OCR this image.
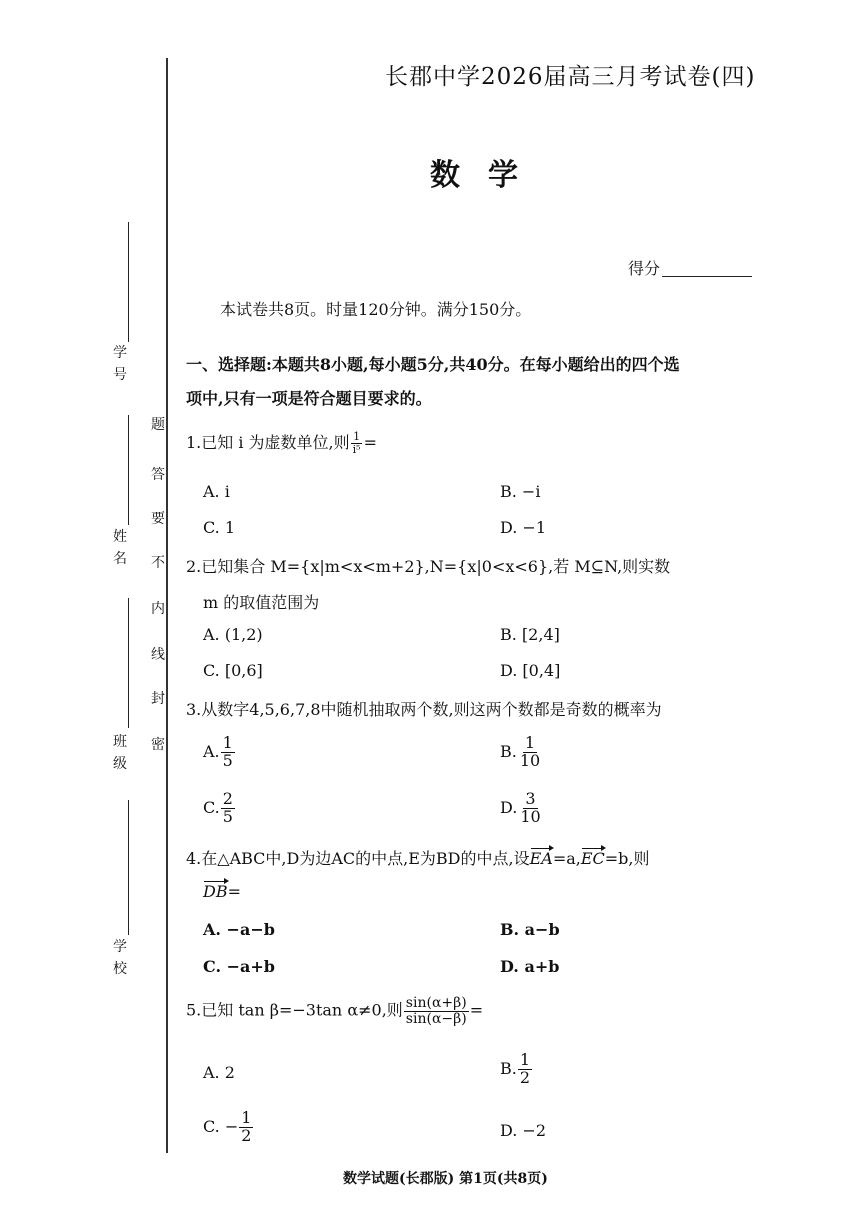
学
号
姓
名
班
级
学
校
题
答
要
不
内
线
封
密
长郡中学2026届高三月考试卷(四)
数学
得分
本试卷共8页。时量120分钟。满分150分。
一、选择题:本题共8小题,每小题5分,共40分。在每小题给出的四个选
项中,只有一项是符合题目要求的。
1.已知 i 为虚数单位,则 $\frac{1}{\text{i⁵}}$ =
A. i	B. −i
C. 1	D. −1
2.已知集合 M={x|m<x<m+2},N={x|0<x<6},若 M⊆N,则实数
m 的取值范围为
A. (1,2)	B. [2,4]
C. [0,6]	D. [0,4]
3.从数字4,5,6,7,8中随机抽取两个数,则这两个数都是奇数的概率为
A. $\frac{1}{5}$	B. $\frac{1}{10}$
C. $\frac{2}{5}$	D. $\frac{3}{10}$
4.在△ABC中,D为边AC的中点,E为BD的中点,设EA=a,EC=b,则
DB=
A. −a−b	B. a−b
C. −a+b	D. a+b
5.已知 tan β=−3tan α≠0,则 $\frac{\sin(\alpha+\beta)}{\sin(\alpha-\beta)}$ =
A. 2	B. $\frac{1}{2}$
C. − $\frac{1}{2}$	D. −2
数学试题(长郡版) 第1页(共8页)
